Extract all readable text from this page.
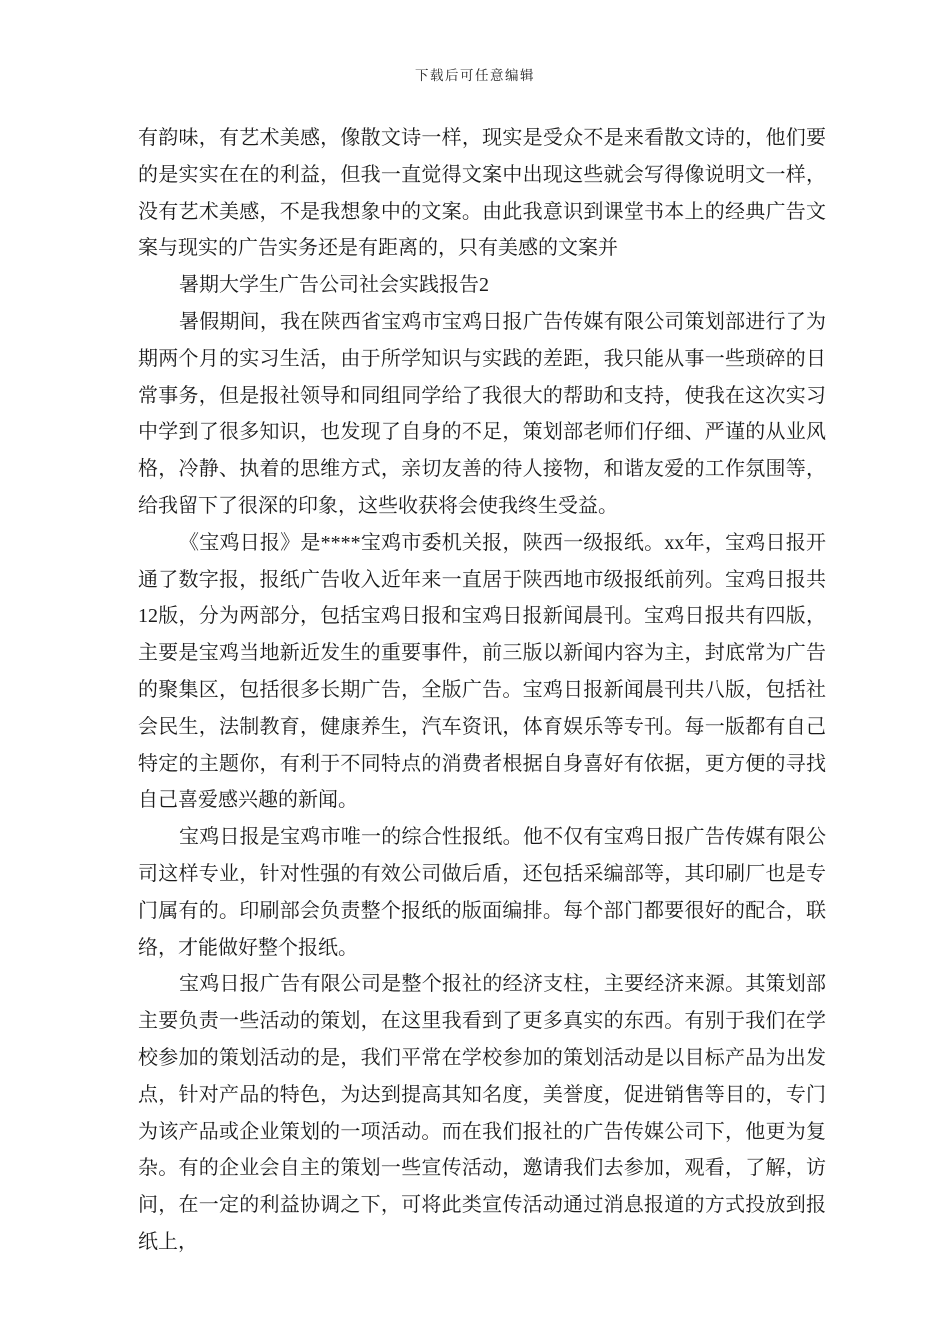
下载后可任意编辑

有韵味，有艺术美感，像散文诗一样，现实是受众不是来看散文诗的，他们要的是实实在在的利益，但我一直觉得文案中出现这些就会写得像说明文一样，没有艺术美感，不是我想象中的文案。由此我意识到课堂书本上的经典广告文案与现实的广告实务还是有距离的，只有美感的文案并

暑期大学生广告公司社会实践报告2

暑假期间，我在陕西省宝鸡市宝鸡日报广告传媒有限公司策划部进行了为期两个月的实习生活，由于所学知识与实践的差距，我只能从事一些琐碎的日常事务，但是报社领导和同组同学给了我很大的帮助和支持，使我在这次实习中学到了很多知识，也发现了自身的不足，策划部老师们仔细、严谨的从业风格，冷静、执着的思维方式，亲切友善的待人接物，和谐友爱的工作氛围等，给我留下了很深的印象，这些收获将会使我终生受益。

《宝鸡日报》是****宝鸡市委机关报，陕西一级报纸。xx年，宝鸡日报开通了数字报，报纸广告收入近年来一直居于陕西地市级报纸前列。宝鸡日报共12版，分为两部分，包括宝鸡日报和宝鸡日报新闻晨刊。宝鸡日报共有四版，主要是宝鸡当地新近发生的重要事件，前三版以新闻内容为主，封底常为广告的聚集区，包括很多长期广告，全版广告。宝鸡日报新闻晨刊共八版，包括社会民生，法制教育，健康养生，汽车资讯，体育娱乐等专刊。每一版都有自己特定的主题你，有利于不同特点的消费者根据自身喜好有依据，更方便的寻找自己喜爱感兴趣的新闻。

宝鸡日报是宝鸡市唯一的综合性报纸。他不仅有宝鸡日报广告传媒有限公司这样专业，针对性强的有效公司做后盾，还包括采编部等，其印刷厂也是专门属有的。印刷部会负责整个报纸的版面编排。每个部门都要很好的配合，联络，才能做好整个报纸。

宝鸡日报广告有限公司是整个报社的经济支柱，主要经济来源。其策划部主要负责一些活动的策划，在这里我看到了更多真实的东西。有别于我们在学校参加的策划活动的是，我们平常在学校参加的策划活动是以目标产品为出发点，针对产品的特色，为达到提高其知名度，美誉度，促进销售等目的，专门为该产品或企业策划的一项活动。而在我们报社的广告传媒公司下，他更为复杂。有的企业会自主的策划一些宣传活动，邀请我们去参加，观看，了解，访问，在一定的利益协调之下，可将此类宣传活动通过消息报道的方式投放到报纸上，
